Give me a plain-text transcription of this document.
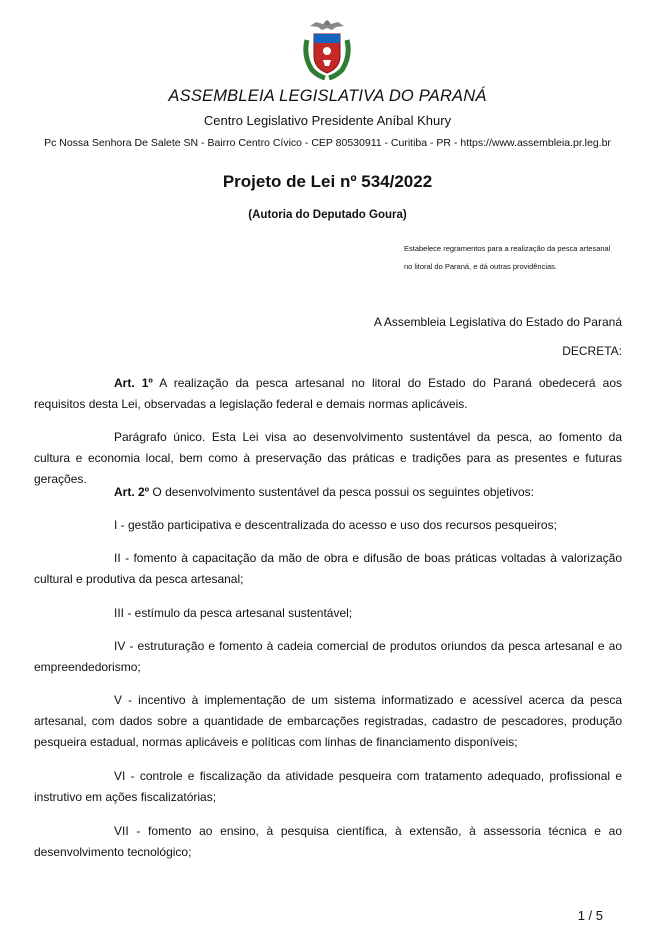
ASSEMBLEIA LEGISLATIVA DO PARANÁ
Centro Legislativo Presidente Aníbal Khury
Pc Nossa Senhora De Salete SN - Bairro Centro Cívico - CEP 80530911 - Curitiba - PR - https://www.assembleia.pr.leg.br
Projeto de Lei nº 534/2022
(Autoria do Deputado Goura)
Estabelece regramentos para a realização da pesca artesanal
no litoral do Paraná, e dá outras providências.
A Assembleia Legislativa do Estado do Paraná
DECRETA:

Art. 1º A realização da pesca artesanal no litoral do Estado do Paraná obedecerá aos requisitos desta Lei, observadas a legislação federal e demais normas aplicáveis.

Parágrafo único. Esta Lei visa ao desenvolvimento sustentável da pesca, ao fomento da cultura e economia local, bem como à preservação das práticas e tradições para as presentes e futuras gerações.

Art. 2º O desenvolvimento sustentável da pesca possui os seguintes objetivos:

I - gestão participativa e descentralizada do acesso e uso dos recursos pesqueiros;

II - fomento à capacitação da mão de obra e difusão de boas práticas voltadas à valorização cultural e produtiva da pesca artesanal;

III - estímulo da pesca artesanal sustentável;

IV - estruturação e fomento à cadeia comercial de produtos oriundos da pesca artesanal e ao empreendedorismo;

V - incentivo à implementação de um sistema informatizado e acessível acerca da pesca artesanal, com dados sobre a quantidade de embarcações registradas, cadastro de pescadores, produção pesqueira estadual, normas aplicáveis e políticas com linhas de financiamento disponíveis;

VI - controle e fiscalização da atividade pesqueira com tratamento adequado, profissional e instrutivo em ações fiscalizatórias;

VII - fomento ao ensino, à pesquisa científica, à extensão, à assessoria técnica e ao desenvolvimento tecnológico;

1 / 5
